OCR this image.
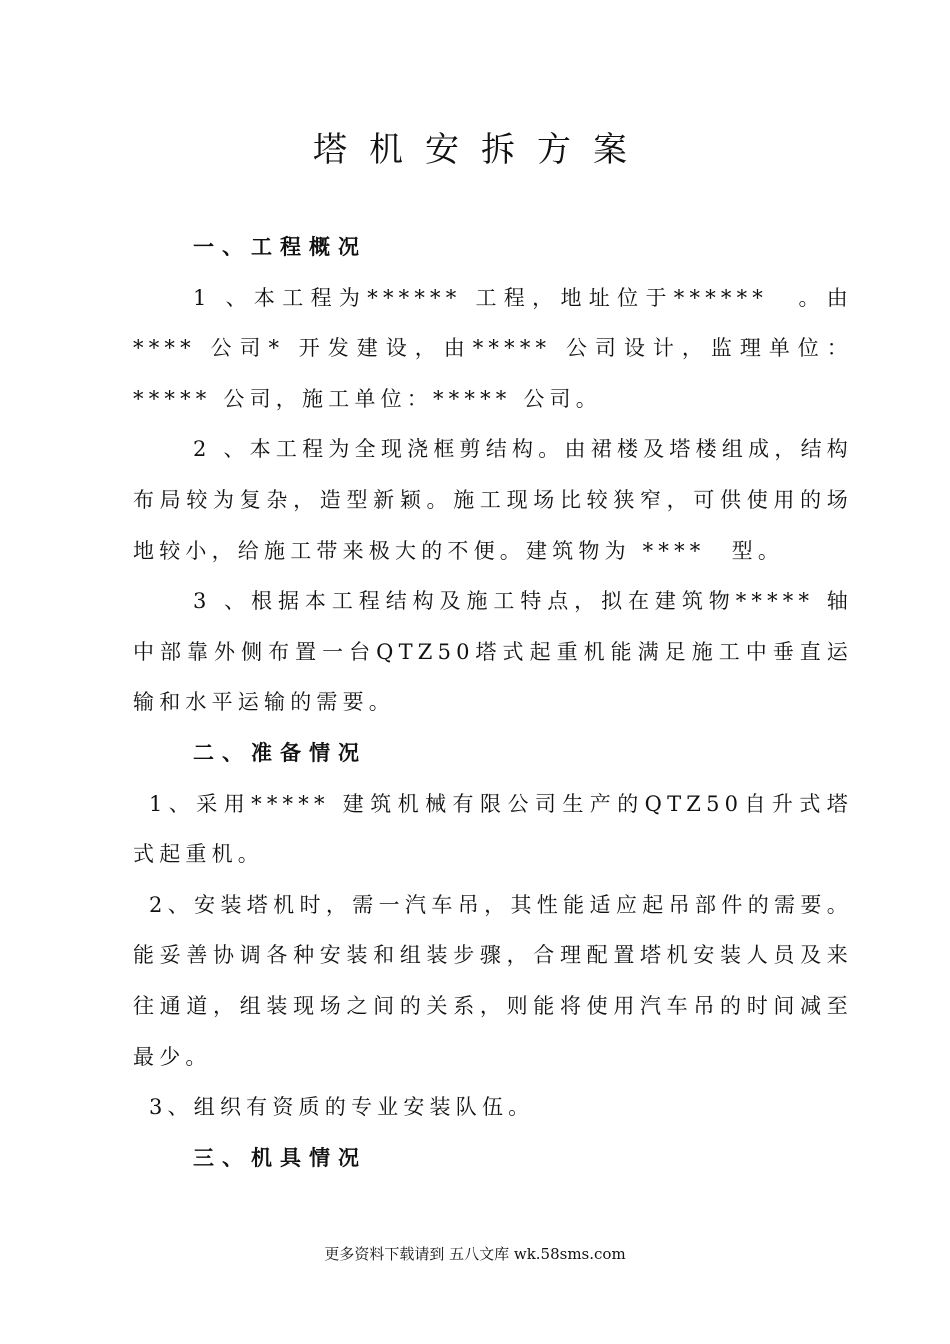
塔机安拆方案
一、工程概况
1 、本工程为****** 工程，地址位于******　。由**** 公司* 开发建设，由***** 公司设计，监理单位：***** 公司，施工单位：***** 公司。
2 、本工程为全现浇框剪结构。由裙楼及塔楼组成，结构布局较为复杂，造型新颖。施工现场比较狭窄，可供使用的场地较小，给施工带来极大的不便。建筑物为 ****　型。
3 、根据本工程结构及施工特点，拟在建筑物***** 轴中部靠外侧布置一台QTZ50塔式起重机能满足施工中垂直运输和水平运输的需要。
二、准备情况
1、采用***** 建筑机械有限公司生产的QTZ50自升式塔式起重机。
2、安装塔机时，需一汽车吊，其性能适应起吊部件的需要。能妥善协调各种安装和组装步骤，合理配置塔机安装人员及来往通道，组装现场之间的关系，则能将使用汽车吊的时间减至最少。
3、组织有资质的专业安装队伍。
三、机具情况
更多资料下载请到 五八文库 wk.58sms.com
